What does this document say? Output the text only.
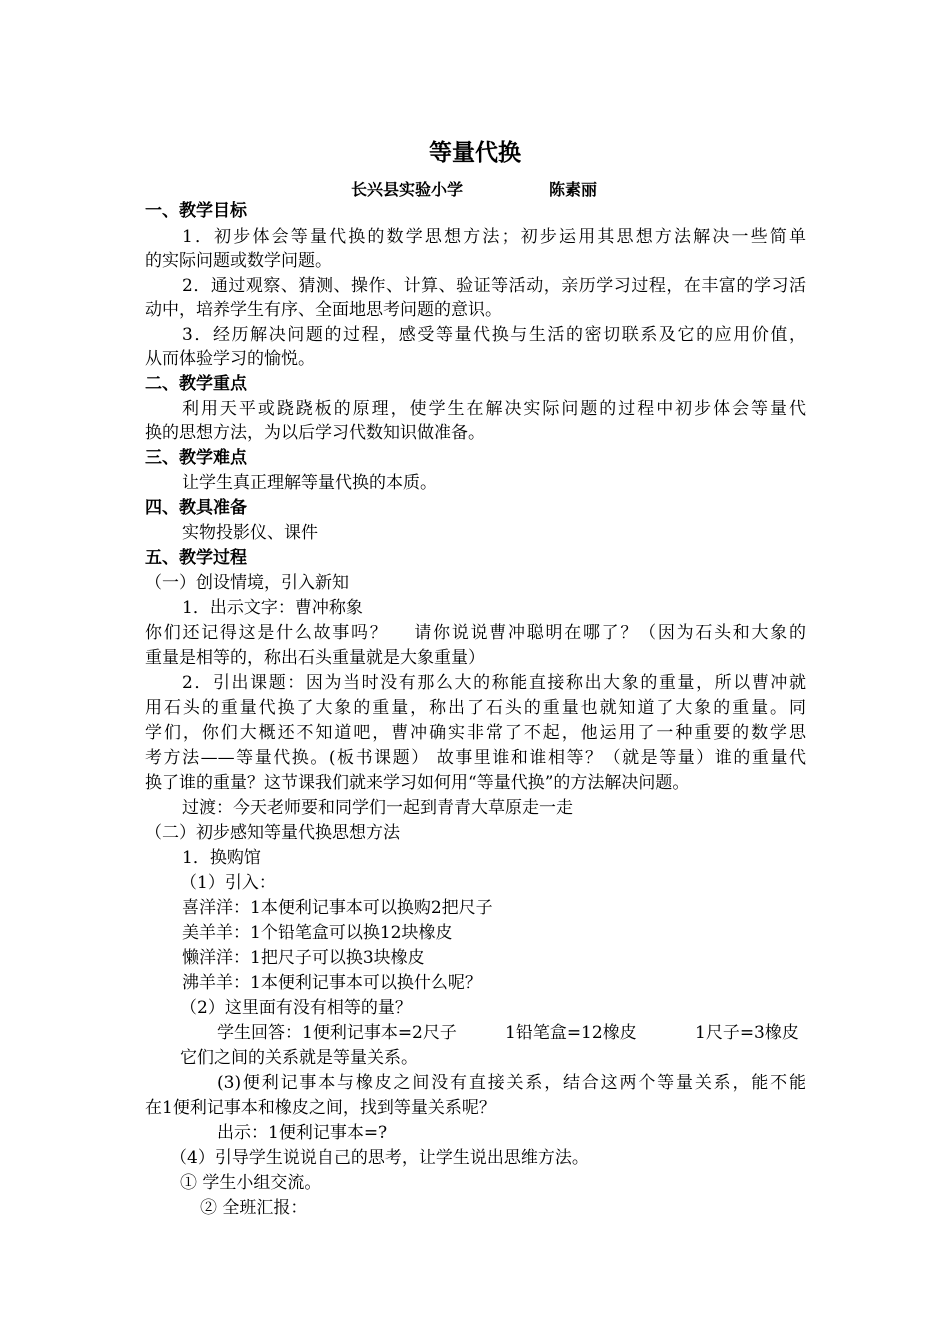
等量代换
长兴县实验小学	陈素丽
一、教学目标
1．初步体会等量代换的数学思想方法；初步运用其思想方法解决一些简单
的实际问题或数学问题。
2．通过观察、猜测、操作、计算、验证等活动，亲历学习过程，在丰富的学习活
动中，培养学生有序、全面地思考问题的意识。
3．经历解决问题的过程，感受等量代换与生活的密切联系及它的应用价值，
从而体验学习的愉悦。
二、教学重点
利用天平或跷跷板的原理，使学生在解决实际问题的过程中初步体会等量代
换的思想方法，为以后学习代数知识做准备。
三、教学难点
让学生真正理解等量代换的本质。
四、教具准备
实物投影仪、课件
五、教学过程
（一）创设情境，引入新知
1．出示文字：曹冲称象
你们还记得这是什么故事吗？　 请你说说曹冲聪明在哪了？（因为石头和大象的
重量是相等的，称出石头重量就是大象重量）
2．引出课题：因为当时没有那么大的称能直接称出大象的重量，所以曹冲就
用石头的重量代换了大象的重量，称出了石头的重量也就知道了大象的重量。同
学们，你们大概还不知道吧，曹冲确实非常了不起，他运用了一种重要的数学思
考方法——等量代换。(板书课题） 故事里谁和谁相等？（就是等量）谁的重量代
换了谁的重量？这节课我们就来学习如何用“等量代换”的方法解决问题。
过渡：今天老师要和同学们一起到青青大草原走一走
（二）初步感知等量代换思想方法
1．换购馆
（1）引入：
喜洋洋：1本便利记事本可以换购2把尺子
美羊羊：1个铅笔盒可以换12块橡皮
懒洋洋：1把尺子可以换3块橡皮
沸羊羊：1本便利记事本可以换什么呢？
（2）这里面有没有相等的量？
学生回答：1便利记事本=2尺子	1铅笔盒=12橡皮	1尺子=3橡皮
它们之间的关系就是等量关系。
(3)便利记事本与橡皮之间没有直接关系，结合这两个等量关系，能不能
在1便利记事本和橡皮之间，找到等量关系呢？
出示：1便利记事本=?
（4）引导学生说说自己的思考，让学生说出思维方法。
① 学生小组交流。
② 全班汇报：
